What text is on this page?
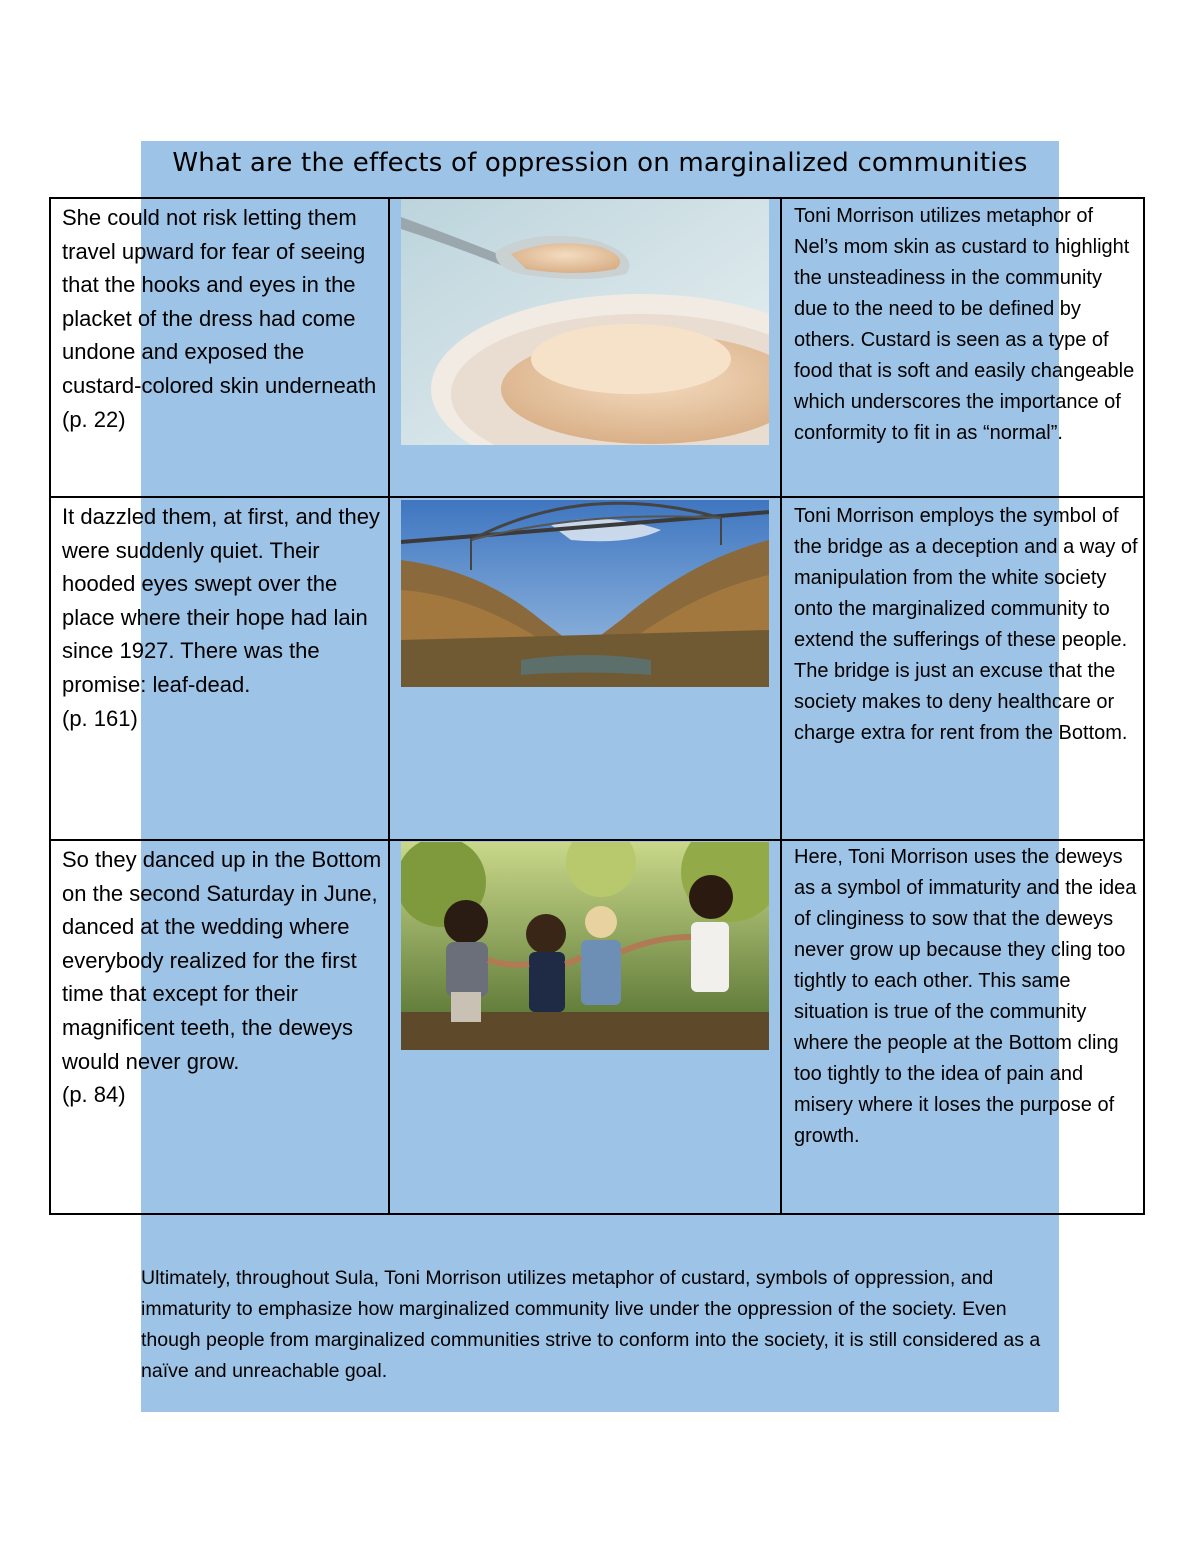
What are the effects of oppression on marginalized communities
She could not risk letting them travel upward for fear of seeing that the hooks and eyes in the placket of the dress had come undone and exposed the custard-colored skin underneath
(p. 22)
Toni Morrison utilizes metaphor of Nel’s mom skin as custard to highlight the unsteadiness in the community due to the need to be defined by others. Custard is seen as a type of food that is soft and easily changeable which underscores the importance of conformity to fit in as “normal”.
It dazzled them, at first, and they were suddenly quiet. Their hooded eyes swept over the place where their hope had lain since 1927. There was the promise: leaf-dead.
(p. 161)
Toni Morrison employs the symbol of the bridge as a deception and a way of manipulation from the white society onto the marginalized community to extend the sufferings of these people. The bridge is just an excuse that the society makes to deny healthcare or charge extra for rent from the Bottom.
So they danced up in the Bottom on the second Saturday in June, danced at the wedding where everybody realized for the first time that except for their magnificent teeth, the deweys would never grow.
(p. 84)
Here, Toni Morrison uses the deweys as a symbol of immaturity and the idea of clinginess to sow that the deweys never grow up because they cling too tightly to each other. This same situation is true of the community where the people at the Bottom cling too tightly to the idea of pain and misery where it loses the purpose of growth.
Ultimately, throughout Sula, Toni Morrison utilizes metaphor of custard, symbols of oppression, and immaturity to emphasize how marginalized community live under the oppression of the society. Even though people from marginalized communities strive to conform into the society, it is still considered as a naïve and unreachable goal.
